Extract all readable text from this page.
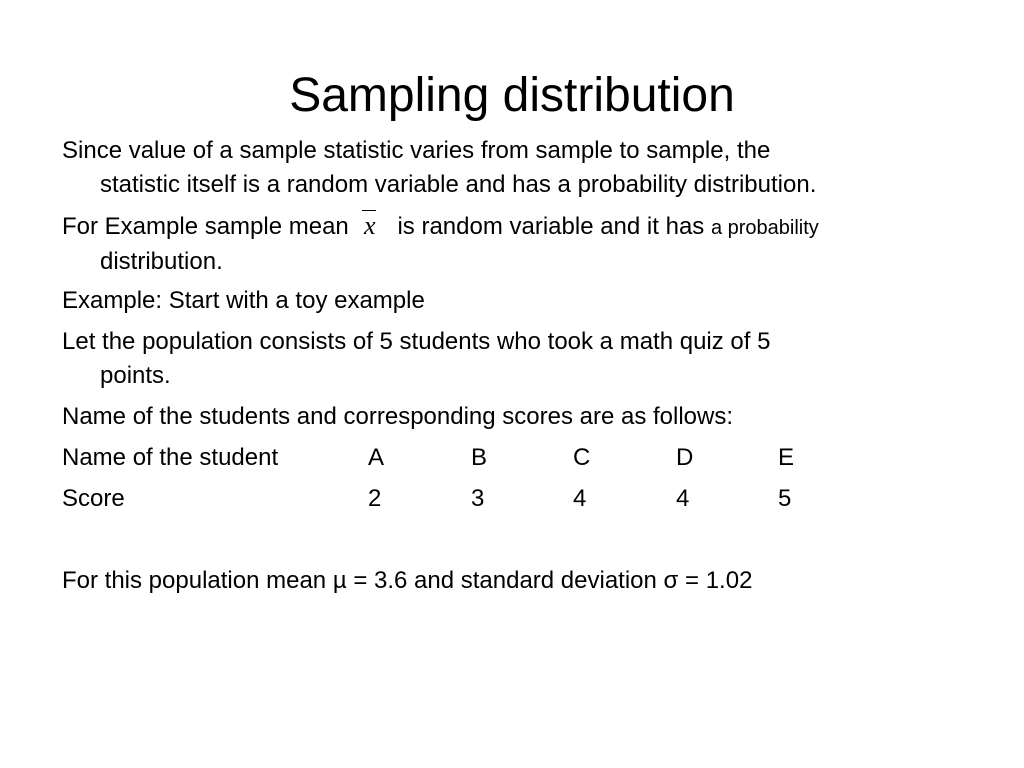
Sampling distribution
Since value of a sample statistic varies from sample to sample, the
statistic itself is a random variable and has a probability distribution.
For Example sample mean x is random variable and it has a probability
distribution.
Example: Start with a toy example
Let the population consists of 5 students who took a math quiz of 5
points.
Name of the students and corresponding scores are as follows:
Name of the student	A	B	C	D	E
Score	2	3	4	4	5
For this population mean µ = 3.6 and standard deviation σ = 1.02
